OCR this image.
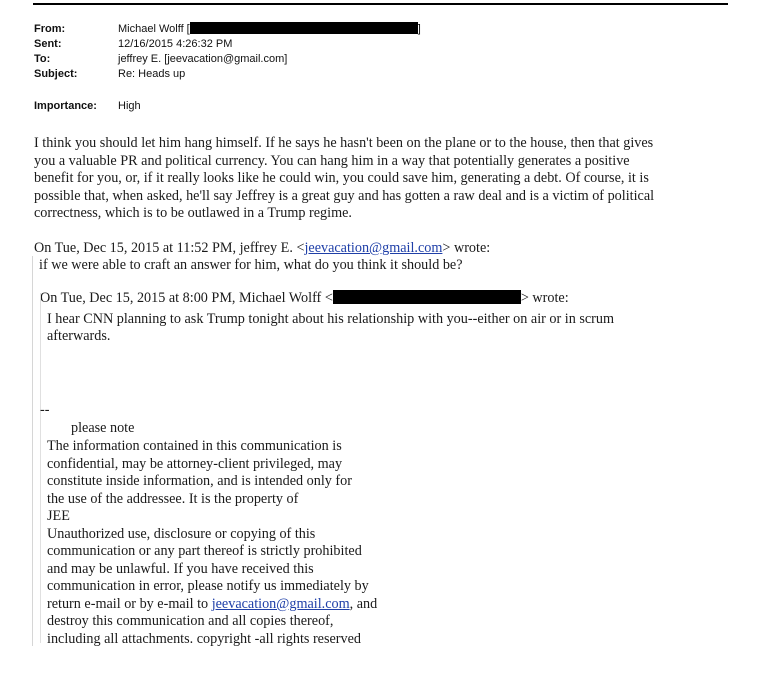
From:	Michael Wolff [	]
Sent:	12/16/2015 4:26:32 PM
To:	jeffrey E. [jeevacation@gmail.com]
Subject:	Re: Heads up
Importance: High
I think you should let him hang himself. If he says he hasn't been on the plane or to the house, then that gives
you a valuable PR and political currency. You can hang him in a way that potentially generates a positive
benefit for you, or, if it really looks like he could win, you could save him, generating a debt. Of course, it is
possible that, when asked, he'll say Jeffrey is a great guy and has gotten a raw deal and is a victim of political
correctness, which is to be outlawed in a Trump regime.
On Tue, Dec 15, 2015 at 11:52 PM, jeffrey E. <jeevacation@gmail.com> wrote:
if we were able to craft an answer for him, what do you think it should be?
On Tue, Dec 15, 2015 at 8:00 PM, Michael Wolff <	> wrote:
I hear CNN planning to ask Trump tonight about his relationship with you--either on air or in scrum
afterwards.
--
please note
The information contained in this communication is
confidential, may be attorney-client privileged, may
constitute inside information, and is intended only for
the use of the addressee. It is the property of
JEE
Unauthorized use, disclosure or copying of this
communication or any part thereof is strictly prohibited
and may be unlawful. If you have received this
communication in error, please notify us immediately by
return e-mail or by e-mail to jeevacation@gmail.com, and
destroy this communication and all copies thereof,
including all attachments. copyright -all rights reserved
